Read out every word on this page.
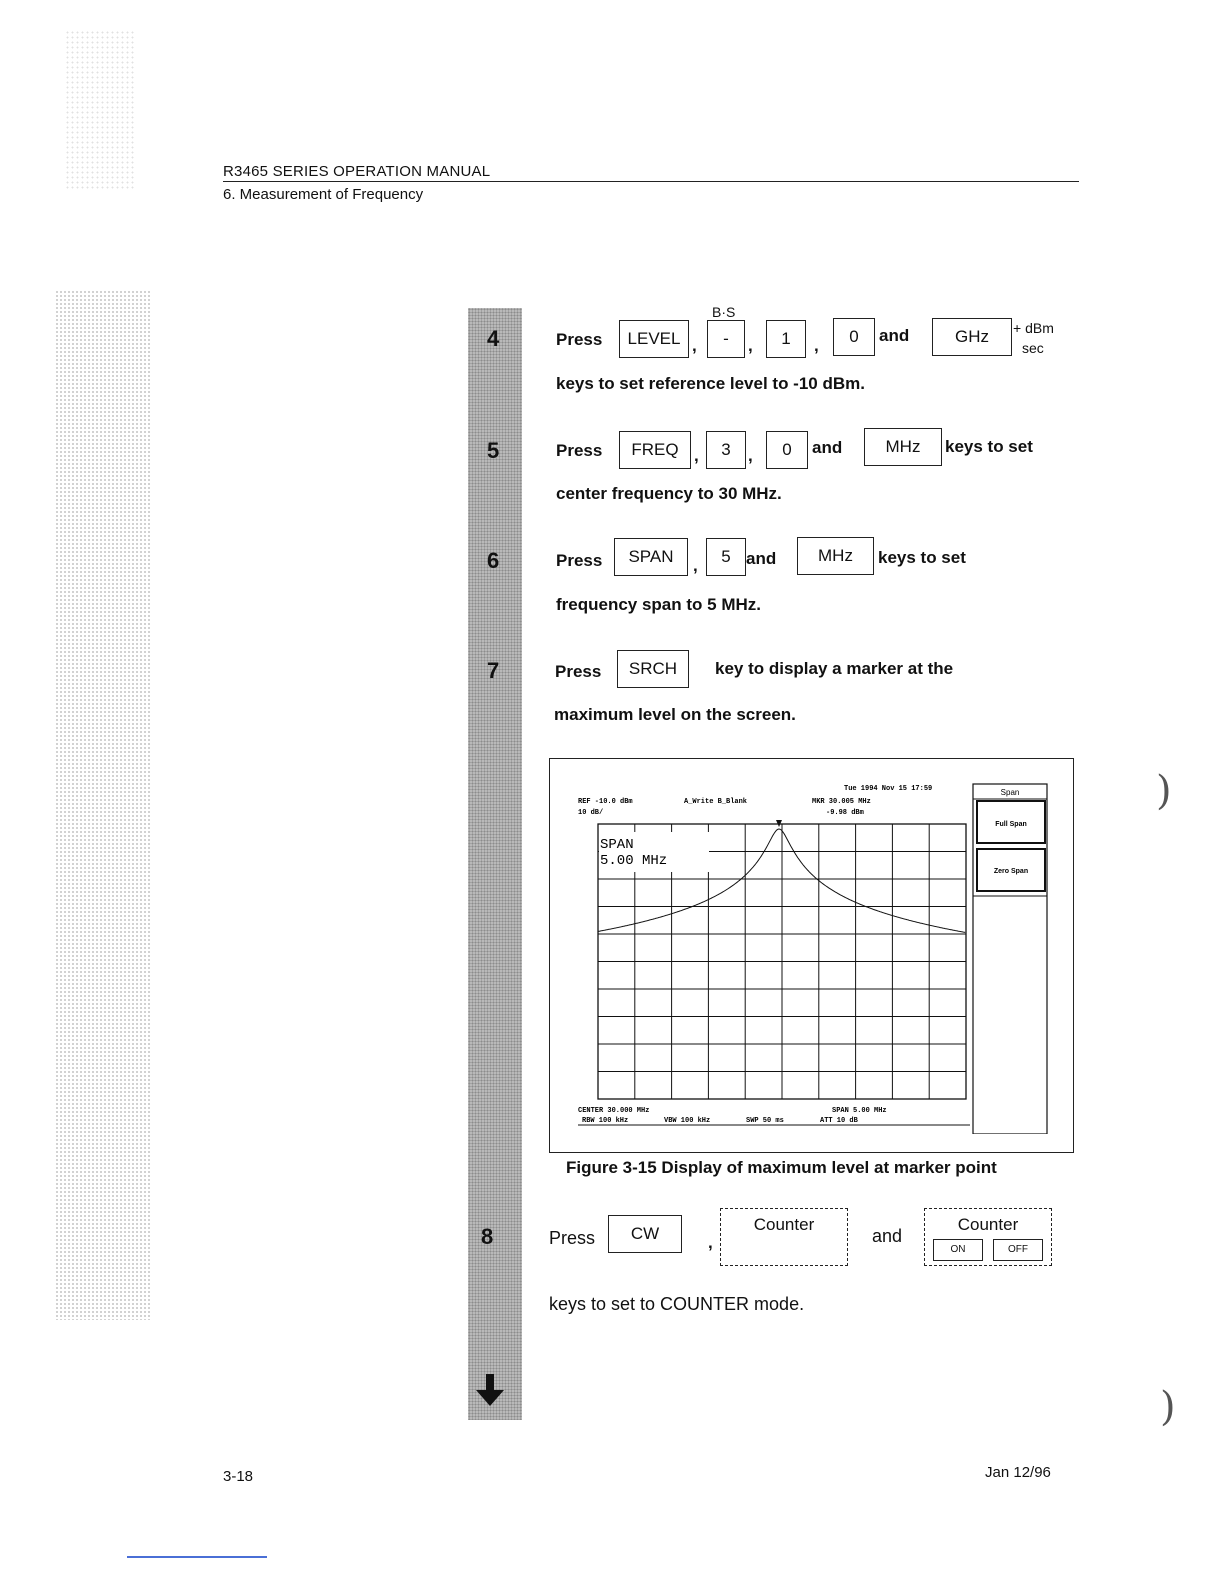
R3465 SERIES OPERATION MANUAL
6. Measurement of Frequency
4
5
6
7
8
Press	LEVEL ,
B·S
-	,	1	,	0	and	GHz	+ dBm
sec
keys to set reference level to -10 dBm.
Press	FREQ ,	3	,	0	and	MHz	keys to set
center frequency to 30 MHz.
Press	SPAN	,	5 and	MHz	keys to set
frequency span to 5 MHz.
Press	SRCH	key to display a marker at the
maximum level on the screen.
Tue 1994 Nov 15 17:59
REF -10.0 dBm	A_Write B_Blank	MKR 30.005 MHz
10 dB/	-9.98 dBm
SPAN
5.00 MHz
CENTER 30.000 MHz	SPAN 5.00 MHz
RBW 100 kHz	VBW 100 kHz	SWP 50 ms	ATT 10 dB
Span
Full Span
Zero Span
Figure 3-15 Display of maximum level at marker point
Press	CW	,
Counter
and
Counter
ON	OFF
keys to set to COUNTER mode.
3-18	Jan 12/96
)
)
